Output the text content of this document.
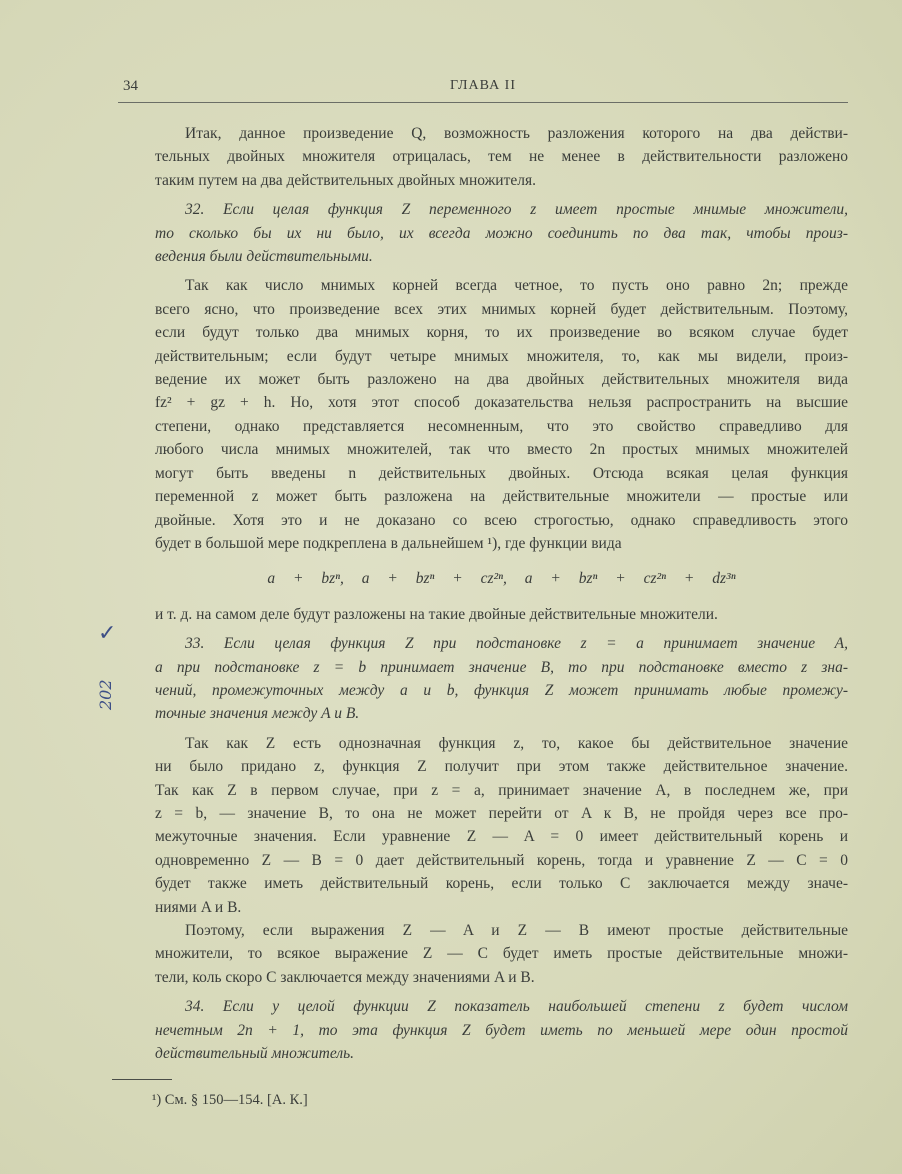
34	ГЛАВА II
✓
202
Итак, данное произведение Q, возможность разложения которого на два действи-
тельных двойных множителя отрицалась, тем не менее в действительности разложено
таким путем на два действительных двойных множителя.
32. Если целая функция Z переменного z имеет простые мнимые множители,
то сколько бы их ни было, их всегда можно соединить по два так, чтобы произ-
ведения были действительными.
Так как число мнимых корней всегда четное, то пусть оно равно 2n; прежде
всего ясно, что произведение всех этих мнимых корней будет действительным. Поэтому,
если будут только два мнимых корня, то их произведение во всяком случае будет
действительным; если будут четыре мнимых множителя, то, как мы видели, произ-
ведение их может быть разложено на два двойных действительных множителя вида
fz² + gz + h. Но, хотя этот способ доказательства нельзя распространить на высшие
степени, однако представляется несомненным, что это свойство справедливо для
любого числа мнимых множителей, так что вместо 2n простых мнимых множителей
могут быть введены n действительных двойных. Отсюда всякая целая функция
переменной z может быть разложена на действительные множители — простые или
двойные. Хотя это и не доказано со всею строгостью, однако справедливость этого
будет в большой мере подкреплена в дальнейшем ¹), где функции вида
a + bzⁿ, a + bzⁿ + cz²ⁿ, a + bzⁿ + cz²ⁿ + dz³ⁿ
и т. д. на самом деле будут разложены на такие двойные действительные множители.
33. Если целая функция Z при подстановке z = a принимает значение A,
а при подстановке z = b принимает значение B, то при подстановке вместо z зна-
чений, промежуточных между a и b, функция Z может принимать любые промежу-
точные значения между A и B.
Так как Z есть однозначная функция z, то, какое бы действительное значение
ни было придано z, функция Z получит при этом также действительное значение.
Так как Z в первом случае, при z = a, принимает значение A, в последнем же, при
z = b, — значение B, то она не может перейти от A к B, не пройдя через все про-
межуточные значения. Если уравнение Z — A = 0 имеет действительный корень и
одновременно Z — B = 0 дает действительный корень, тогда и уравнение Z — C = 0
будет также иметь действительный корень, если только C заключается между значе-
ниями A и B.
Поэтому, если выражения Z — A и Z — B имеют простые действительные
множители, то всякое выражение Z — C будет иметь простые действительные множи-
тели, коль скоро C заключается между значениями A и B.
34. Если у целой функции Z показатель наибольшей степени z будет числом
нечетным 2n + 1, то эта функция Z будет иметь по меньшей мере один простой
действительный множитель.
¹) См. § 150—154. [А. К.]
